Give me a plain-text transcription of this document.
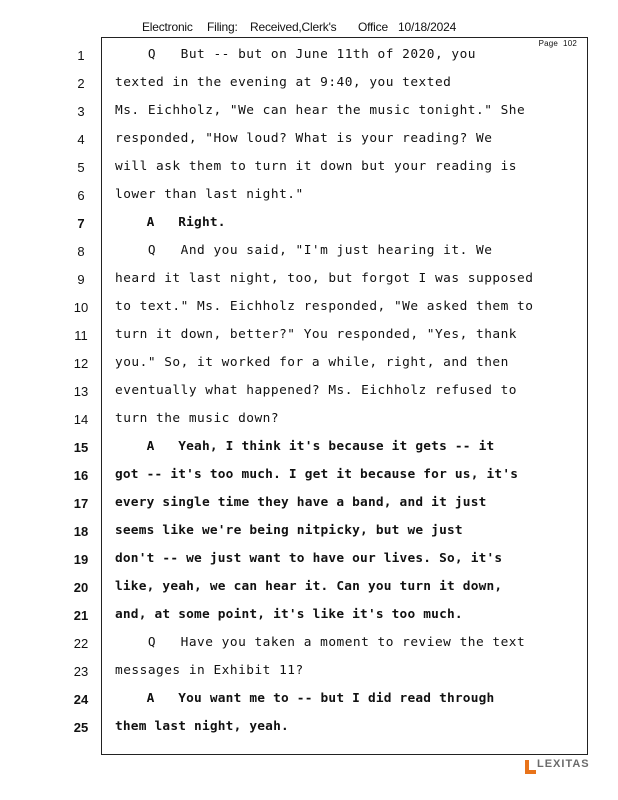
Electronic Filing: Received,Clerk's Office 10/18/2024
Page 102
1	Q   But -- but on June 11th of 2020, you
2	texted in the evening at 9:40, you texted
3	Ms. Eichholz, "We can hear the music tonight." She
4	responded, "How loud? What is your reading? We
5	will ask them to turn it down but your reading is
6	lower than last night."
7	A   Right.
8	Q   And you said, "I'm just hearing it. We
9	heard it last night, too, but forgot I was supposed
10	to text." Ms. Eichholz responded, "We asked them to
11	turn it down, better?" You responded, "Yes, thank
12	you." So, it worked for a while, right, and then
13	eventually what happened? Ms. Eichholz refused to
14	turn the music down?
15	A   Yeah, I think it's because it gets -- it
16	got -- it's too much. I get it because for us, it's
17	every single time they have a band, and it just
18	seems like we're being nitpicky, but we just
19	don't -- we just want to have our lives. So, it's
20	like, yeah, we can hear it. Can you turn it down,
21	and, at some point, it's like it's too much.
22	Q   Have you taken a moment to review the text
23	messages in Exhibit 11?
24	A   You want me to -- but I did read through
25	them last night, yeah.
LEXITAS
